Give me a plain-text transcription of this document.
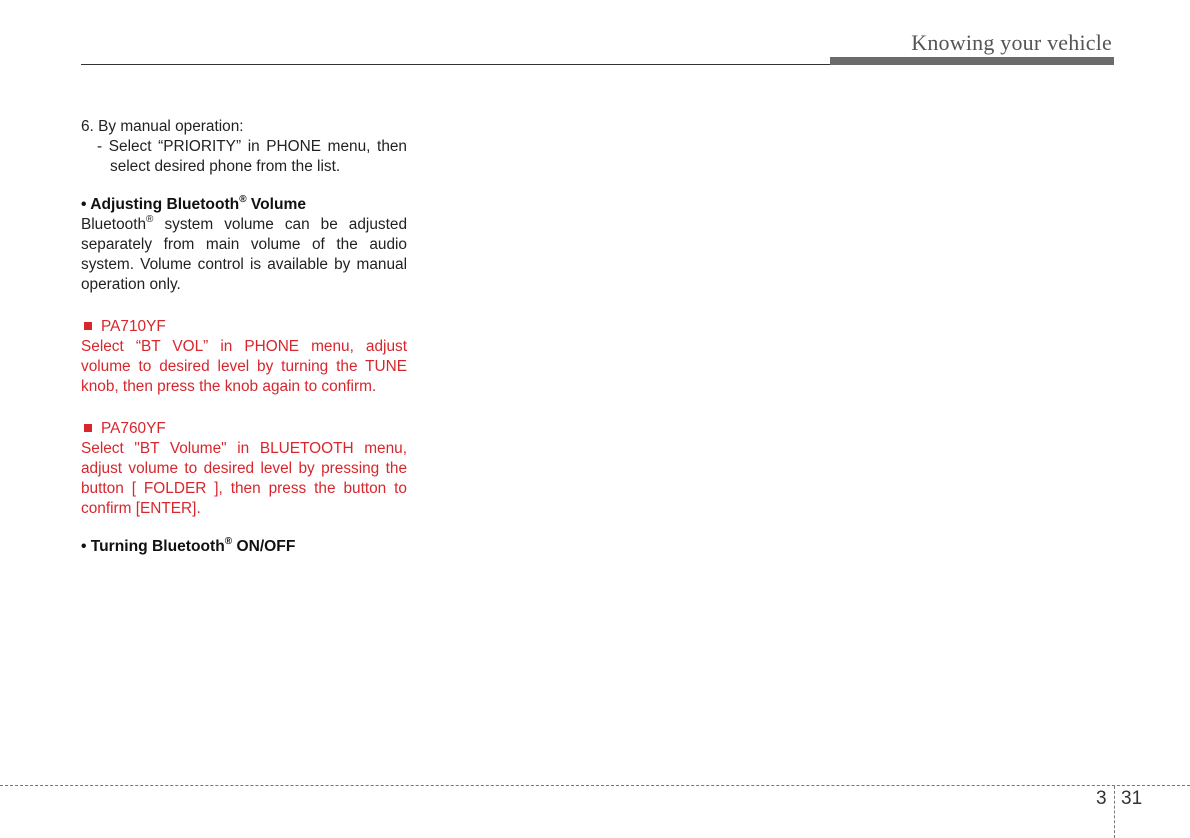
Knowing your vehicle

6. By manual operation:

- Select “PRIORITY” in PHONE menu, then select desired phone from the list.

• Adjusting Bluetooth® Volume

Bluetooth® system volume can be adjusted separately from main volume of the audio system. Volume control is available by manual operation only.

PA710YF

Select “BT VOL” in PHONE menu, adjust volume to desired level by turning the TUNE knob, then press the knob again to confirm.

PA760YF

Select "BT Volume" in BLUETOOTH menu, adjust volume to desired level by pressing the button [ FOLDER ], then press the button to confirm [ENTER].

• Turning Bluetooth® ON/OFF

3 31
